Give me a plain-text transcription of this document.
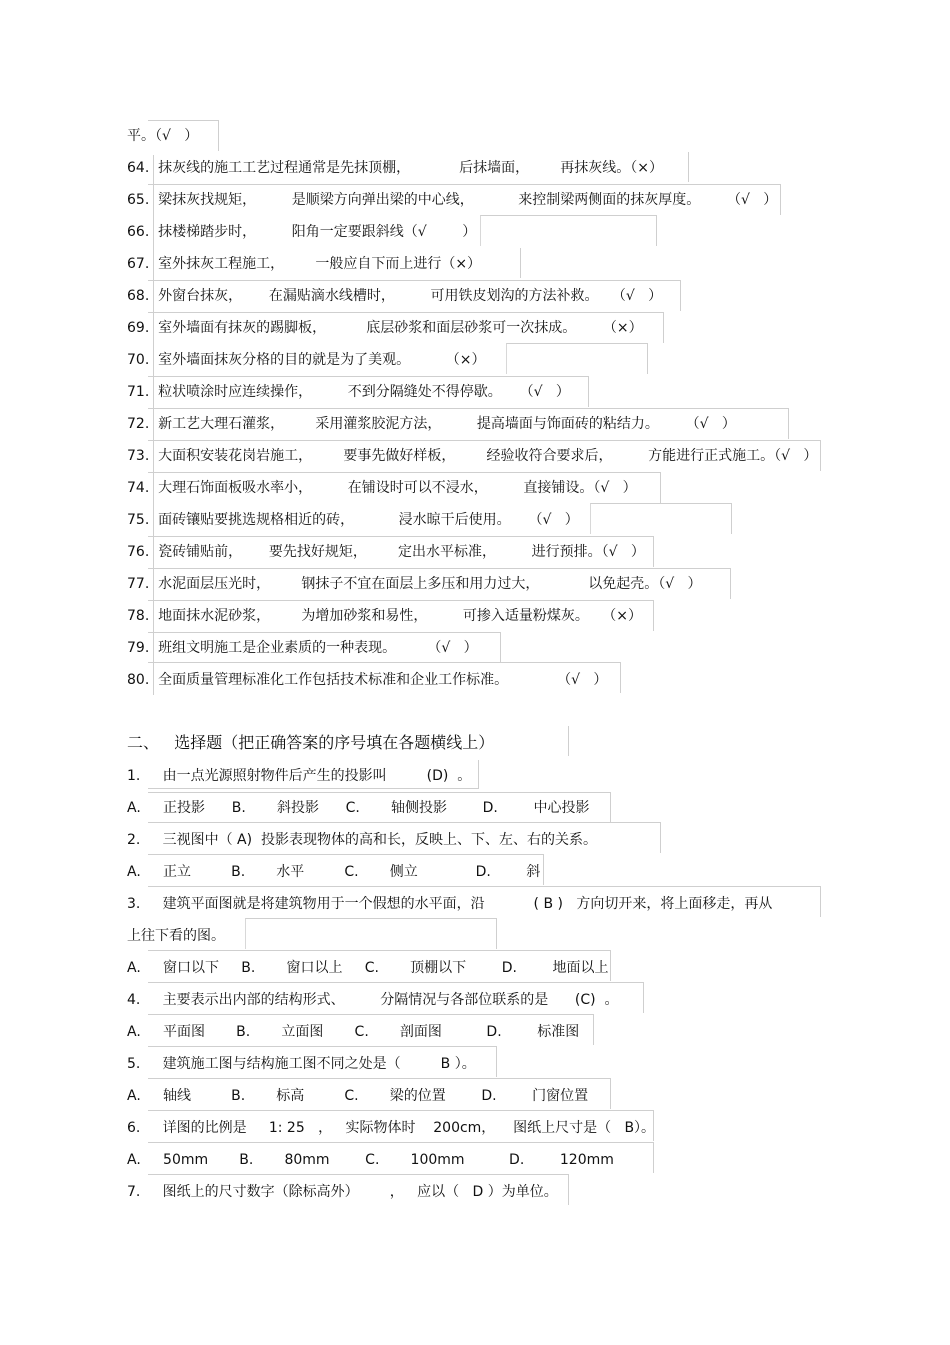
平。（√   ）
64.  抹灰线的施工工艺过程通常是先抹顶棚，           后抹墙面，       再抹灰线。（×）
65.  梁抹灰找规矩，        是顺梁方向弹出梁的中心线，          来控制梁两侧面的抹灰厚度。      （√   ）
66.  抹楼梯踏步时，        阳角一定要跟斜线（√        ）
67.  室外抹灰工程施工，       一般应自下而上进行（×）
68.  外窗台抹灰，      在漏贴滴水线槽时，        可用铁皮划沟的方法补救。   （√   ）
69.  室外墙面有抹灰的踢脚板，         底层砂浆和面层砂浆可一次抹成。      （×）
70.  室外墙面抹灰分格的目的就是为了美观。        （×）
71.  粒状喷涂时应连续操作，        不到分隔缝处不得停歇。    （√   ）
72.  新工艺大理石灌浆，       采用灌浆胶泥方法，        提高墙面与饰面砖的粘结力。      （√   ）
73.  大面积安装花岗岩施工，       要事先做好样板，       经验收符合要求后，        方能进行正式施工。（√   ）
74.  大理石饰面板吸水率小，        在铺设时可以不浸水，        直接铺设。（√   ）
75.  面砖镶贴要挑选规格相近的砖，          浸水晾干后使用。    （√   ）
76.  瓷砖铺贴前，      要先找好规矩，       定出水平标准，        进行预排。（√   ）
77.  水泥面层压光时，       钢抹子不宜在面层上多压和用力过大，           以免起壳。（√   ）
78.  地面抹水泥砂浆，       为增加砂浆和易性，        可掺入适量粉煤灰。   （×）
79.  班组文明施工是企业素质的一种表现。       （√   ）
80.  全面质量管理标准化工作包括技术标准和企业工作标准。           （√   ）
二、   选择题（把正确答案的序号填在各题横线上）
1.     由一点光源照射物件后产生的投影叫         (D)  。
A.     正投影      B.       斜投影      C.       轴侧投影        D.        中心投影
2.     三视图中（ A)  投影表现物体的高和长，反映上、下、左、右的关系。
A.     正立         B.       水平         C.       侧立             D.        斜
3.     建筑平面图就是将建筑物用于一个假想的水平面，沿           ( B )   方向切开来，将上面移走，再从
上往下看的图。
A.     窗口以下     B.       窗口以上     C.       顶棚以下        D.        地面以上
4.     主要表示出内部的结构形式、        分隔情况与各部位联系的是      (C)  。
A.     平面图       B.       立面图       C.       剖面图          D.        标准图
5.     建筑施工图与结构施工图不同之处是（         B ）。
A.     轴线         B.       标高         C.       梁的位置        D.        门窗位置
6.     详图的比例是     1: 25   ，   实际物体时    200cm，    图纸上尺寸是（   B）。
A.     50mm       B.       80mm        C.       100mm          D.        120mm
7.     图纸上的尺寸数字（除标高外）       ，   应以（   D ）为单位。
